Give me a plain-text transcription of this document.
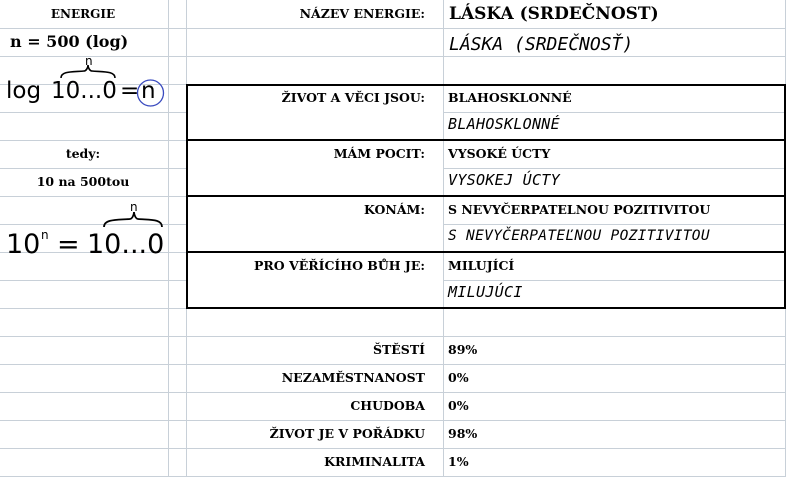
ENERGIE
n = 500 (log)
log 10...0 =
n
n
tedy:
10 na 500tou
10 n = 10...0
n
NÁZEV ENERGIE: LÁSKA (SRDEČNOST)
LÁSKA (SRDEČNOSŤ)
ŽIVOT A VĚCI JSOU: BLAHOSKLONNÉ
BLAHOSKLONNÉ
MÁM POCIT: VYSOKÉ ÚCTY
VYSOKEJ ÚCTY
KONÁM: S NEVYČERPATELNOU POZITIVITOU
S NEVYČERPATEĽNOU POZITIVITOU
PRO VĚŘÍCÍHO BŮH JE: MILUJÍCÍ
MILUJÚCI
ŠTĚSTÍ 89%
NEZAMĚSTNANOST 0%
CHUDOBA 0%
ŽIVOT JE V POŘÁDKU 98%
KRIMINALITA 1%
